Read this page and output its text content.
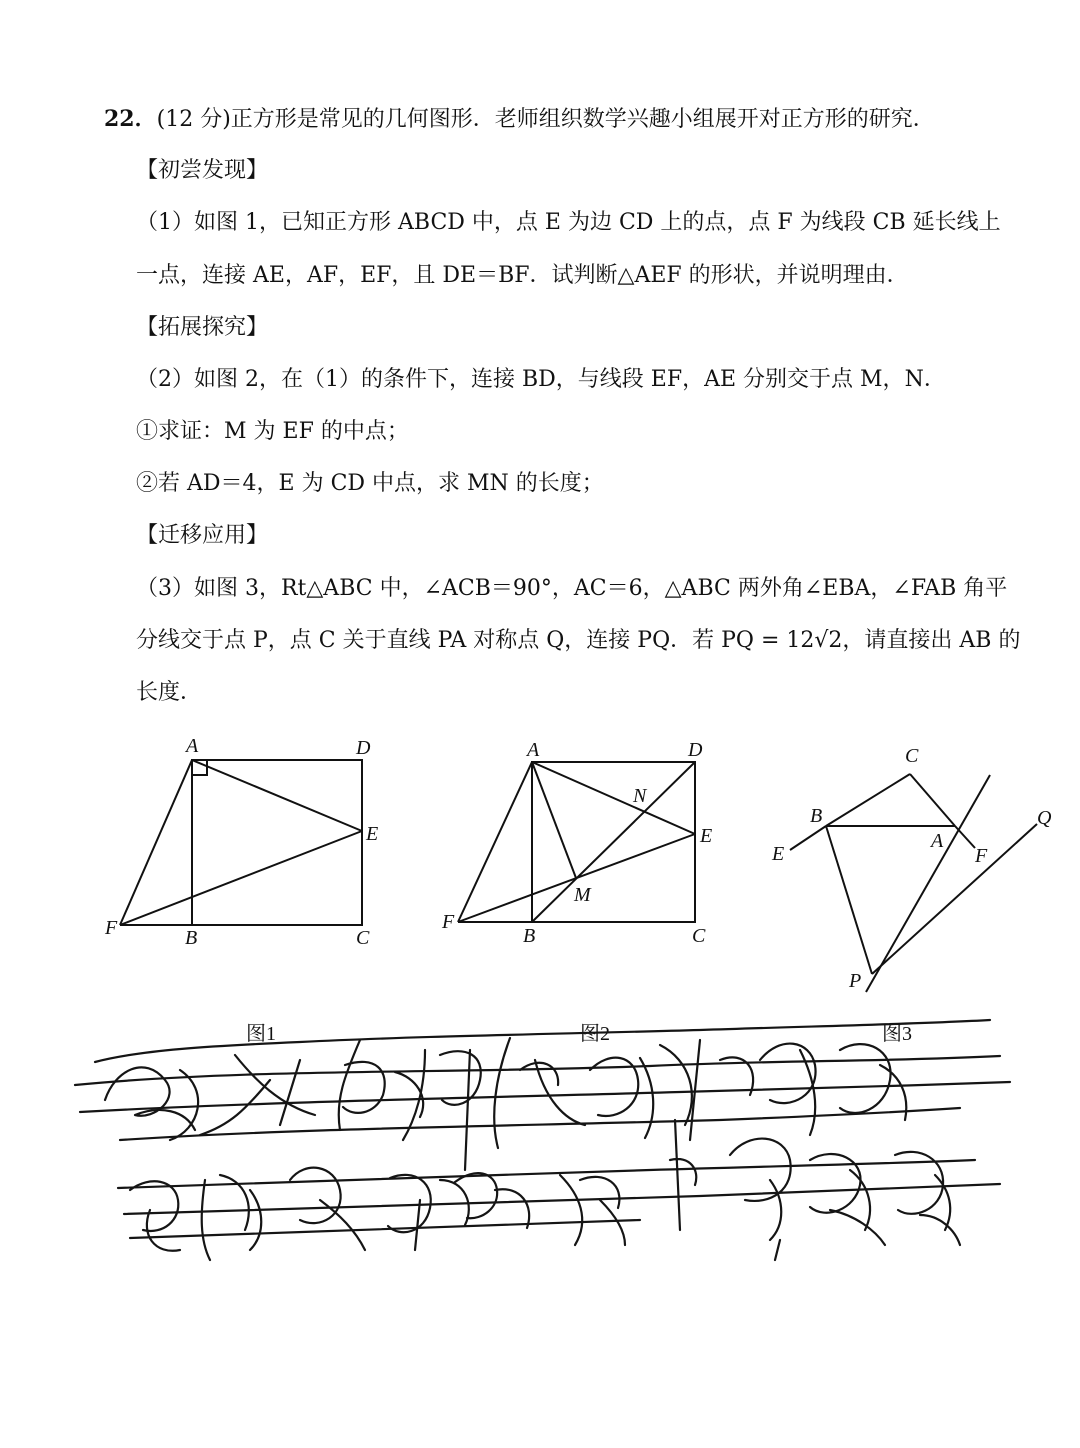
22．(12 分)正方形是常见的几何图形．老师组织数学兴趣小组展开对正方形的研究．
【初尝发现】
（1）如图 1，已知正方形 ABCD 中，点 E 为边 CD 上的点，点 F 为线段 CB 延长线上
一点，连接 AE，AF，EF，且 DE＝BF．试判断△AEF 的形状，并说明理由．
【拓展探究】
（2）如图 2，在（1）的条件下，连接 BD，与线段 EF，AE 分别交于点 M，N．
①求证：M 为 EF 的中点；
②若 AD＝4，E 为 CD 中点，求 MN 的长度；
【迁移应用】
（3）如图 3，Rt△ABC 中，∠ACB＝90°，AC＝6，△ABC 两外角∠EBA，∠FAB 角平
分线交于点 P，点 C 关于直线 PA 对称点 Q，连接 PQ．若 PQ = 12√2，请直接出 AB 的
长度．
A	D
E
F	B	C
图1
A	D
N
E
M
F
B	C
图2
C
B	Q
A
E	F
P
图3
